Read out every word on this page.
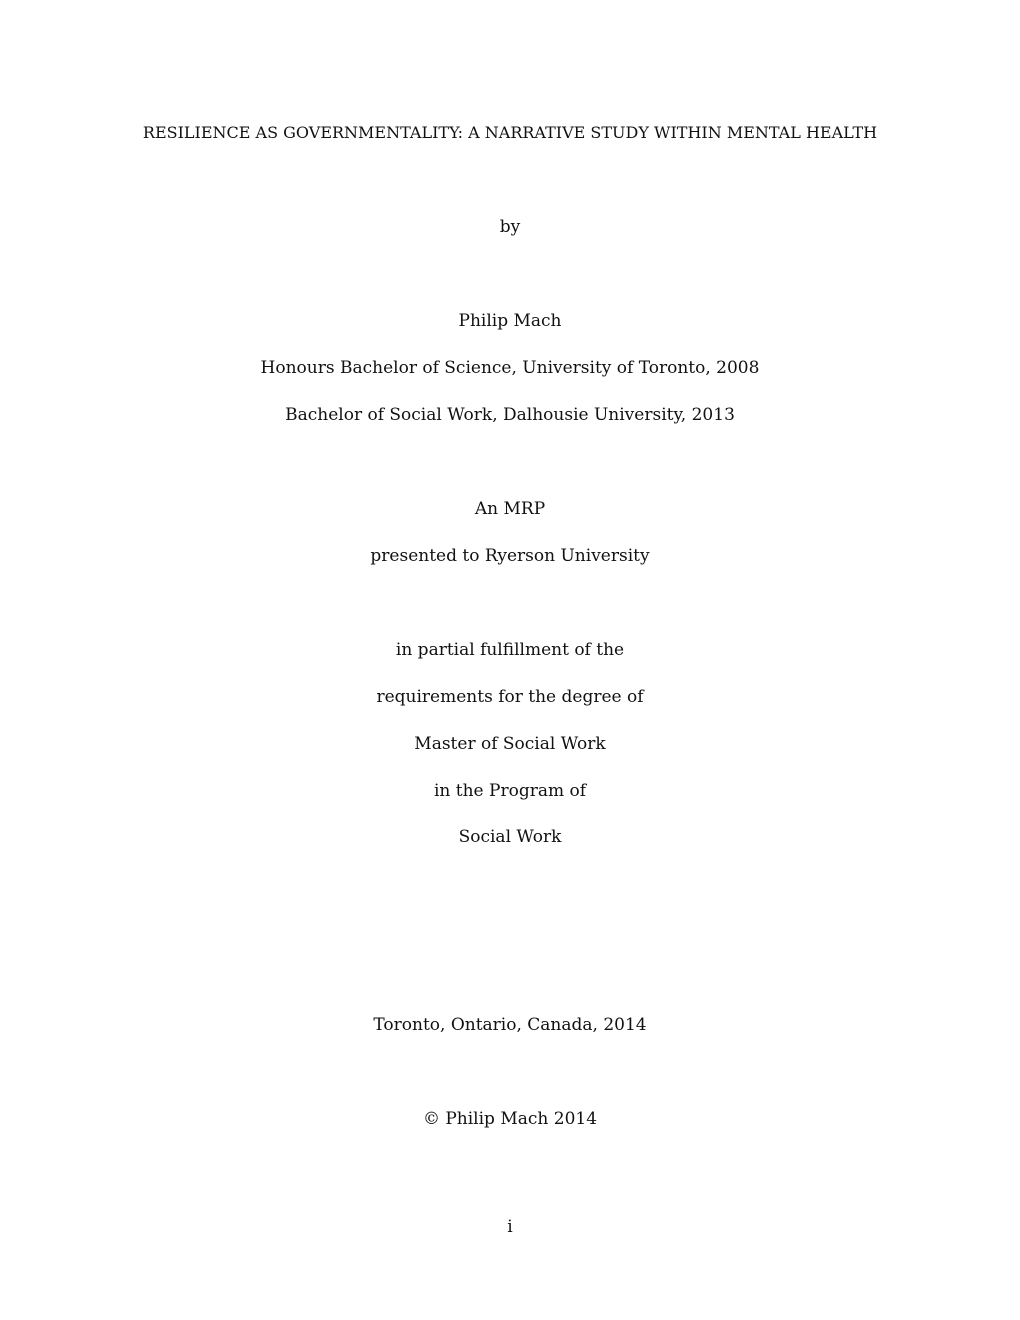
RESILIENCE AS GOVERNMENTALITY: A NARRATIVE STUDY WITHIN MENTAL HEALTH
by
Philip Mach
Honours Bachelor of Science, University of Toronto, 2008
Bachelor of Social Work, Dalhousie University, 2013
An MRP
presented to Ryerson University
in partial fulfillment of the
requirements for the degree of
Master of Social Work
in the Program of
Social Work
Toronto, Ontario, Canada, 2014
© Philip Mach 2014
i
